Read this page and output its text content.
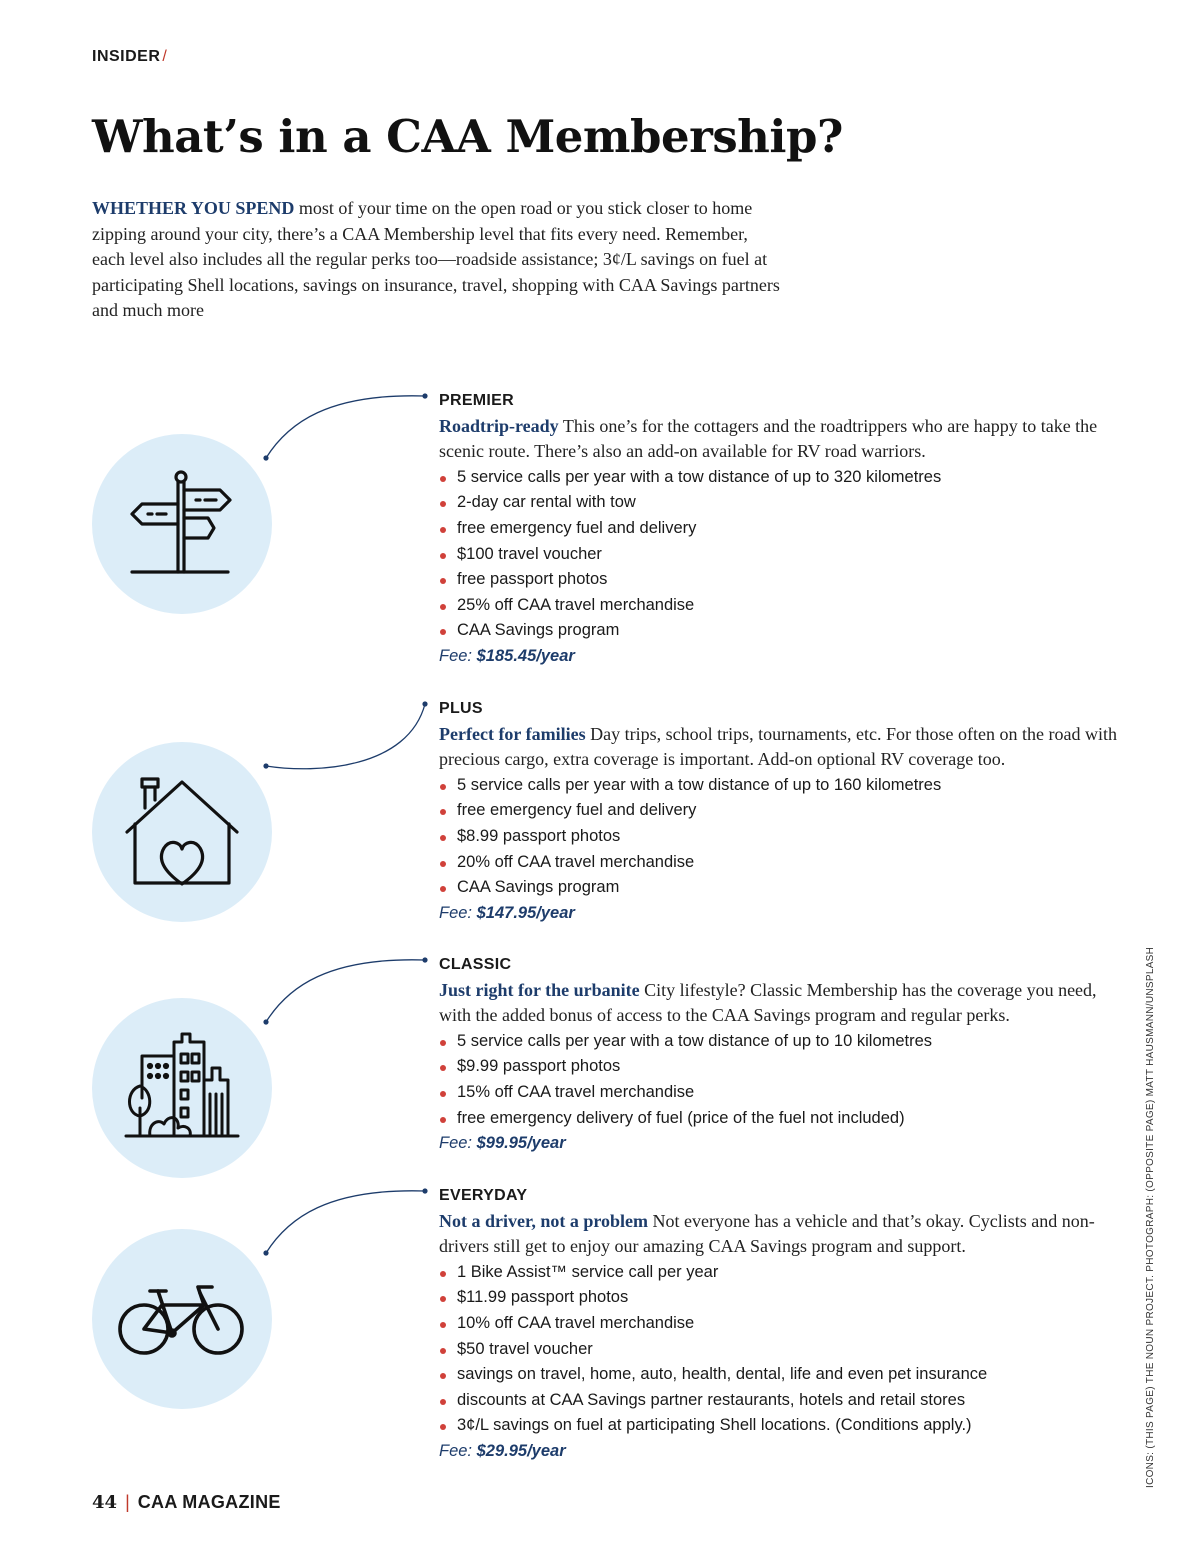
INSIDER /
What’s in a CAA Membership?

WHETHER YOU SPEND most of your time on the open road or you stick closer to home zipping around your city, there’s a CAA Membership level that fits every need. Remember, each level also includes all the regular perks too—roadside assistance; 3¢/L savings on fuel at participating Shell locations, savings on insurance, travel, shopping with CAA Savings partners and much more

PREMIER

Roadtrip-ready This one’s for the cottagers and the roadtrippers who are happy to take the scenic route. There’s also an add-on available for RV road warriors.

5 service calls per year with a tow distance of up to 320 kilometres
2-day car rental with tow
free emergency fuel and delivery
$100 travel voucher
free passport photos
25% off CAA travel merchandise
CAA Savings program
Fee: $185.45/year
PLUS

Perfect for families Day trips, school trips, tournaments, etc. For those often on the road with precious cargo, extra coverage is important. Add-on optional RV coverage too.

5 service calls per year with a tow distance of up to 160 kilometres
free emergency fuel and delivery
$8.99 passport photos
20% off CAA travel merchandise
CAA Savings program
Fee: $147.95/year
CLASSIC

Just right for the urbanite City lifestyle? Classic Membership has the coverage you need, with the added bonus of access to the CAA Savings program and regular perks.

5 service calls per year with a tow distance of up to 10 kilometres
$9.99 passport photos
15% off CAA travel merchandise
free emergency delivery of fuel (price of the fuel not included)
Fee: $99.95/year
EVERYDAY

Not a driver, not a problem Not everyone has a vehicle and that’s okay. Cyclists and non-drivers still get to enjoy our amazing CAA Savings program and support.

1 Bike Assist™ service call per year
$11.99 passport photos
10% off CAA travel merchandise
$50 travel voucher
savings on travel, home, auto, health, dental, life and even pet insurance
discounts at CAA Savings partner restaurants, hotels and retail stores
3¢/L savings on fuel at participating Shell locations. (Conditions apply.)
Fee: $29.95/year	ICONS: (THIS PAGE) THE NOUN PROJECT. PHOTOGRAPH: (OPPOSITE PAGE) MATT HAUSMANN/UNSPLASH
44 | CAA MAGAZINE
